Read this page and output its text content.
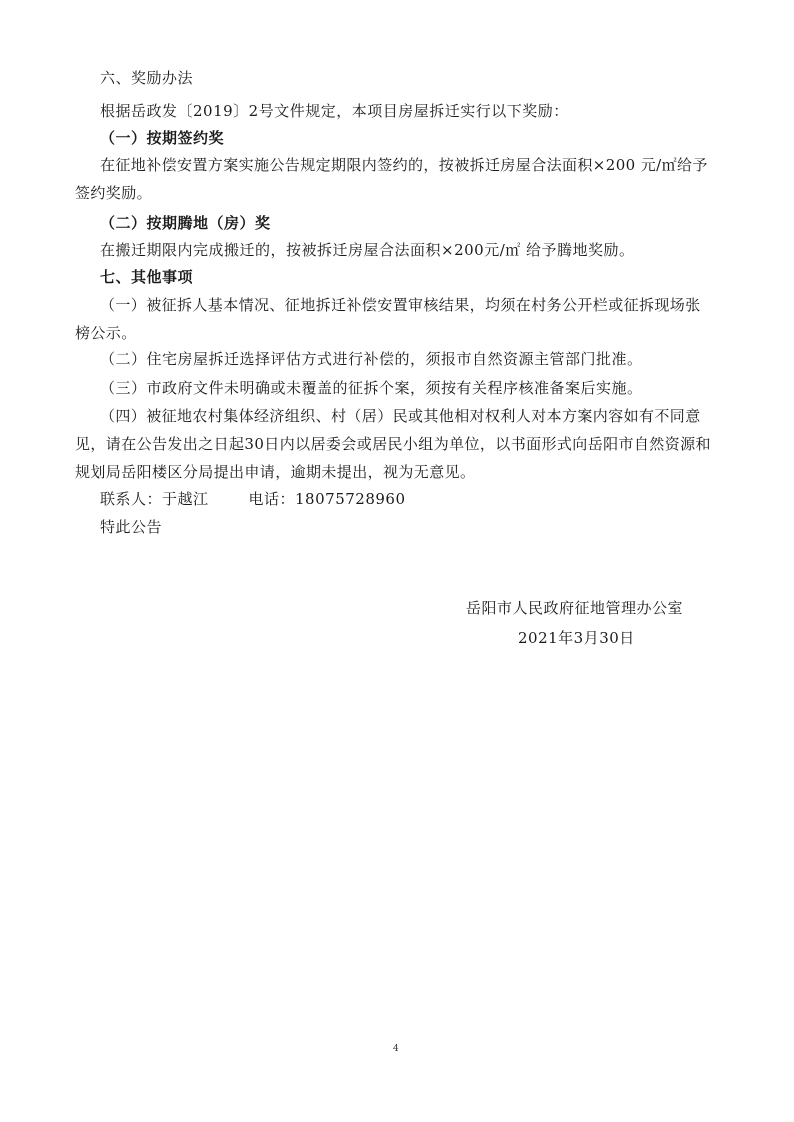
六、奖励办法
根据岳政发〔2019〕2号文件规定，本项目房屋拆迁实行以下奖励：
（一）按期签约奖
在征地补偿安置方案实施公告规定期限内签约的，按被拆迁房屋合法面积×200 元/㎡给予签约奖励。
（二）按期腾地（房）奖
在搬迁期限内完成搬迁的，按被拆迁房屋合法面积×200元/㎡ 给予腾地奖励。
七、其他事项
（一）被征拆人基本情况、征地拆迁补偿安置审核结果，均须在村务公开栏或征拆现场张榜公示。
（二）住宅房屋拆迁选择评估方式进行补偿的，须报市自然资源主管部门批准。
（三）市政府文件未明确或未覆盖的征拆个案，须按有关程序核准备案后实施。
（四）被征地农村集体经济组织、村（居）民或其他相对权利人对本方案内容如有不同意见，请在公告发出之日起30日内以居委会或居民小组为单位，以书面形式向岳阳市自然资源和规划局岳阳楼区分局提出申请，逾期未提出，视为无意见。
联系人：于越江	电话：18075728960
特此公告
岳阳市人民政府征地管理办公室
2021年3月30日
4
